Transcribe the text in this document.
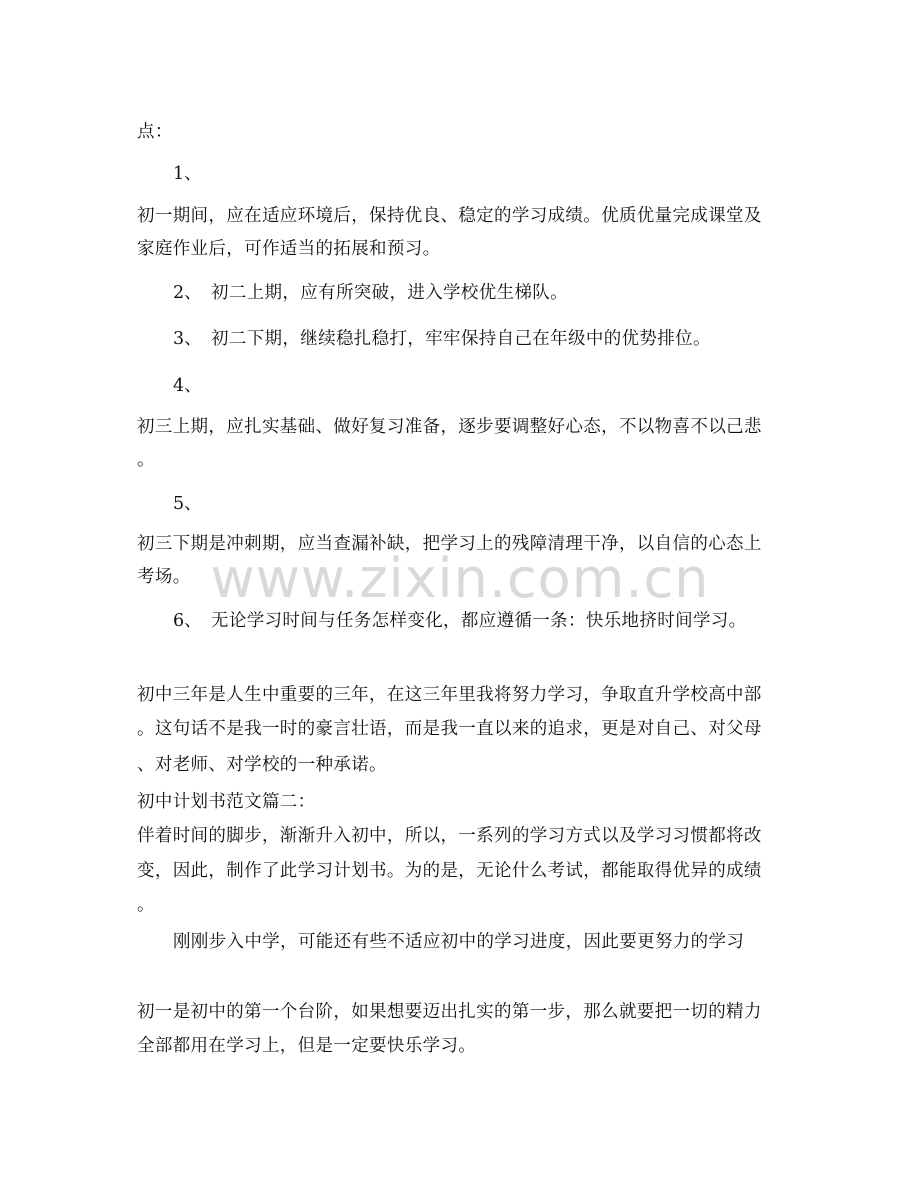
www.zixin.com.cn
点：
1、
初一期间，应在适应环境后，保持优良、稳定的学习成绩。优质优量完成课堂及
家庭作业后，可作适当的拓展和预习。
2、 初二上期，应有所突破，进入学校优生梯队。
3、 初二下期，继续稳扎稳打，牢牢保持自己在年级中的优势排位。
4、
初三上期，应扎实基础、做好复习准备，逐步要调整好心态，不以物喜不以己悲
。
5、
初三下期是冲刺期，应当查漏补缺，把学习上的残障清理干净，以自信的心态上
考场。
6、 无论学习时间与任务怎样变化，都应遵循一条：快乐地挤时间学习。
初中三年是人生中重要的三年，在这三年里我将努力学习，争取直升学校高中部
。这句话不是我一时的豪言壮语，而是我一直以来的追求，更是对自己、对父母
、对老师、对学校的一种承诺。
初中计划书范文篇二：
伴着时间的脚步，渐渐升入初中，所以，一系列的学习方式以及学习习惯都将改
变，因此，制作了此学习计划书。为的是，无论什么考试，都能取得优异的成绩
。
刚刚步入中学，可能还有些不适应初中的学习进度，因此要更努力的学习
初一是初中的第一个台阶，如果想要迈出扎实的第一步，那么就要把一切的精力
全部都用在学习上，但是一定要快乐学习。
